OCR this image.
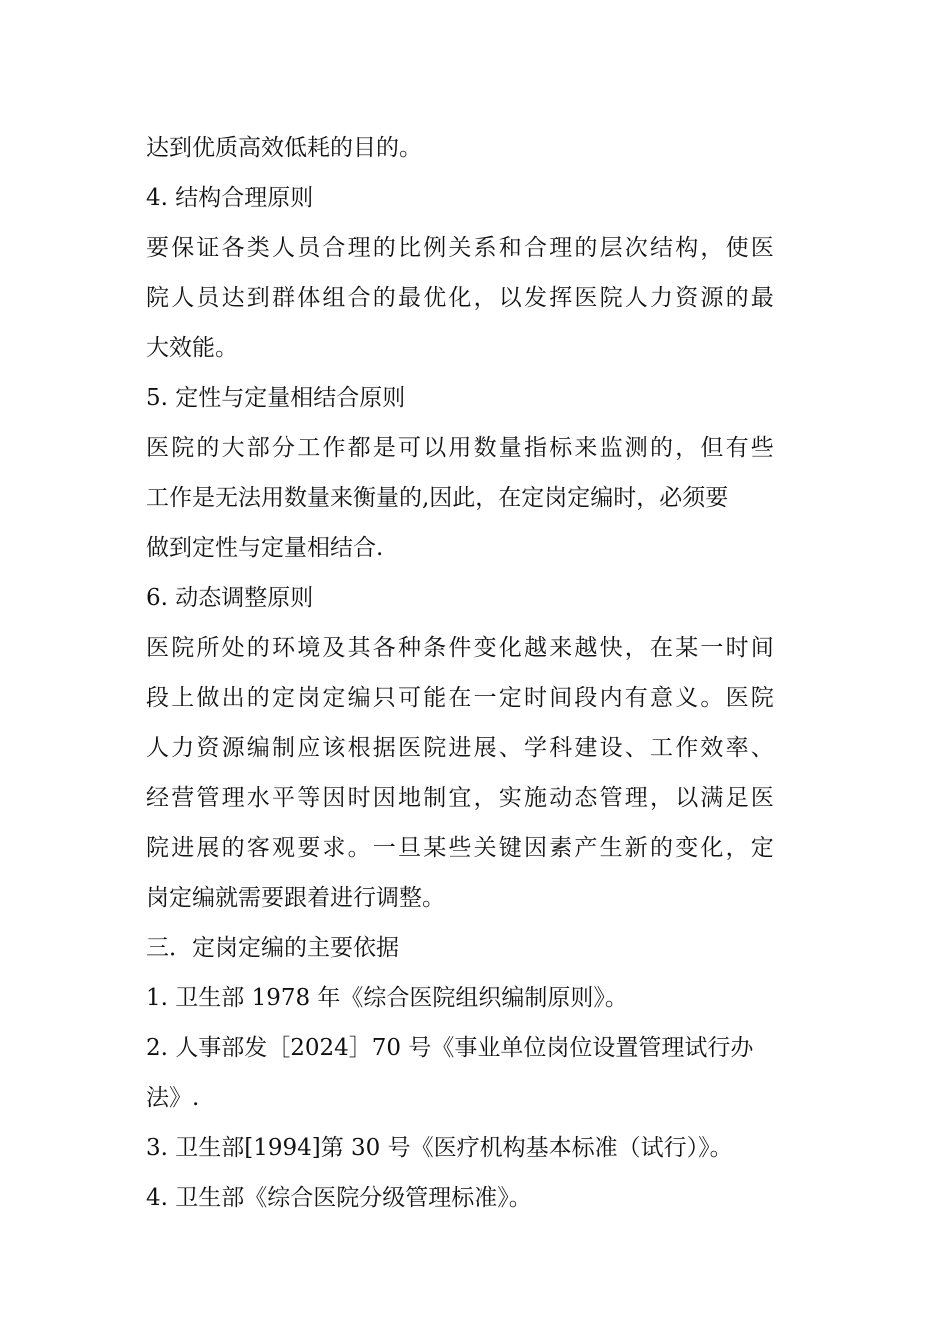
达到优质高效低耗的目的。
4. 结构合理原则
要保证各类人员合理的比例关系和合理的层次结构，使医
院人员达到群体组合的最优化，以发挥医院人力资源的最
大效能。
5. 定性与定量相结合原则
医院的大部分工作都是可以用数量指标来监测的，但有些
工作是无法用数量来衡量的,因此，在定岗定编时，必须要
做到定性与定量相结合.
6. 动态调整原则
医院所处的环境及其各种条件变化越来越快，在某一时间
段上做出的定岗定编只可能在一定时间段内有意义。医院
人力资源编制应该根据医院进展、学科建设、工作效率、
经营管理水平等因时因地制宜，实施动态管理，以满足医
院进展的客观要求。一旦某些关键因素产生新的变化，定
岗定编就需要跟着进行调整。
三．定岗定编的主要依据
1. 卫生部 1978 年《综合医院组织编制原则》。
2. 人事部发［2024］70 号《事业单位岗位设置管理试行办
法》.
3. 卫生部[1994]第 30 号《医疗机构基本标准（试行）》。
4. 卫生部《综合医院分级管理标准》。
